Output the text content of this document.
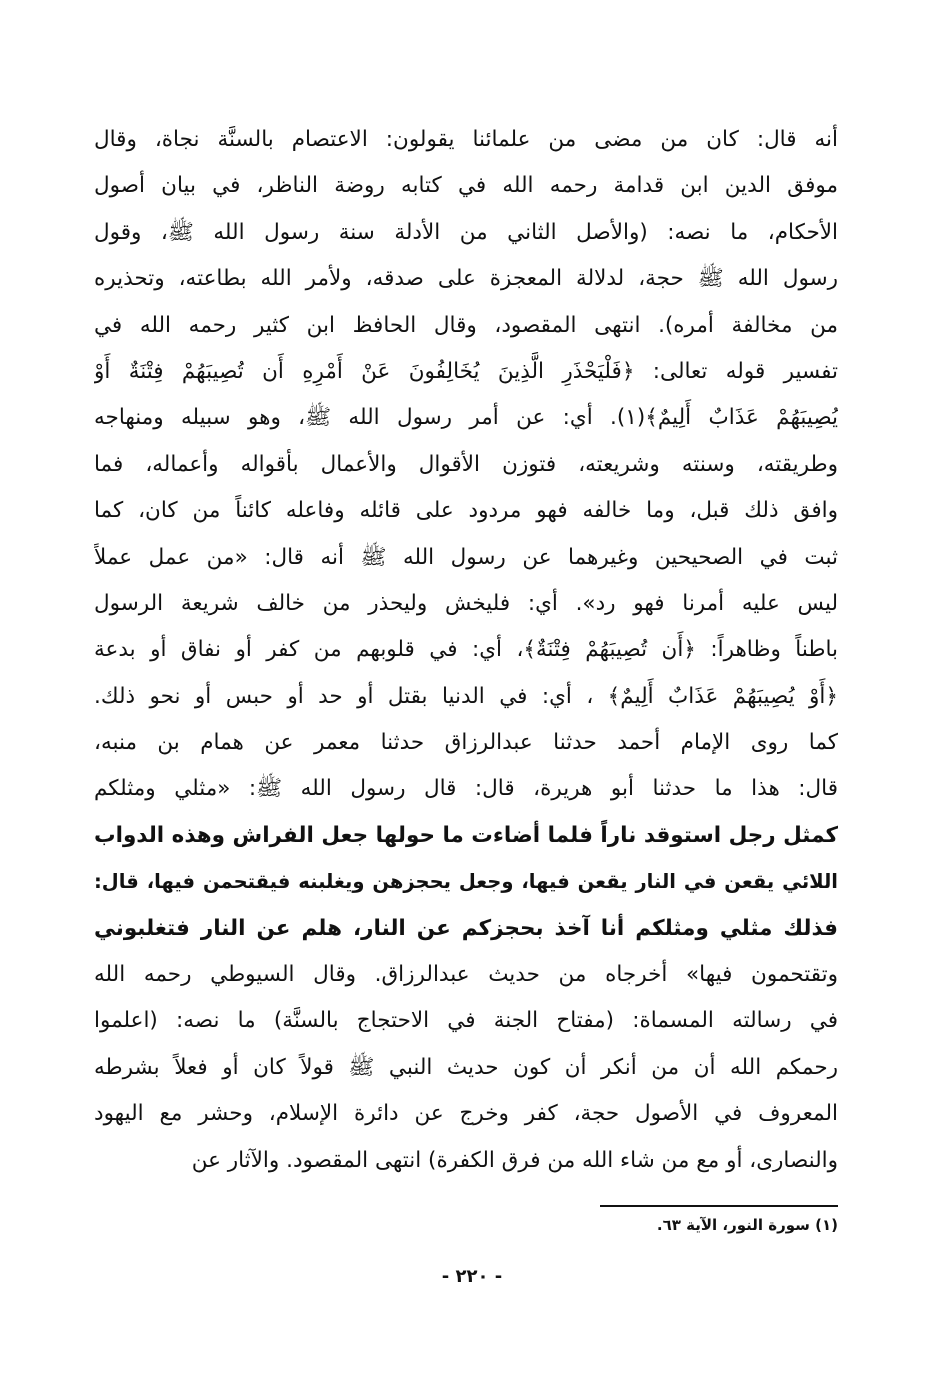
أنه قال: كان من مضى من علمائنا يقولون: الاعتصام بالسنَّة نجاة، وقال
موفق الدين ابن قدامة رحمه الله في كتابه روضة الناظر، في بيان أصول
الأحكام، ما نصه: (والأصل الثاني من الأدلة سنة رسول الله ﷺ، وقول
رسول الله ﷺ حجة، لدلالة المعجزة على صدقه، ولأمر الله بطاعته، وتحذيره
من مخالفة أمره). انتهى المقصود، وقال الحافظ ابن كثير رحمه الله في
تفسير قوله تعالى: ﴿فَلْيَحْذَرِ الَّذِينَ يُخَالِفُونَ عَنْ أَمْرِهِ أَن تُصِيبَهُمْ فِتْنَةٌ أَوْ
يُصِيبَهُمْ عَذَابٌ أَلِيمٌ﴾(١). أي: عن أمر رسول الله ﷺ، وهو سبيله ومنهاجه
وطريقته، وسنته وشريعته، فتوزن الأقوال والأعمال بأقواله وأعماله، فما
وافق ذلك قبل، وما خالفه فهو مردود على قائله وفاعله كائناً من كان، كما
ثبت في الصحيحين وغيرهما عن رسول الله ﷺ أنه قال: «من عمل عملاً
ليس عليه أمرنا فهو رد». أي: فليخش وليحذر من خالف شريعة الرسول
باطناً وظاهراً: ﴿أَن تُصِيبَهُمْ فِتْنَةٌ﴾، أي: في قلوبهم من كفر أو نفاق أو بدعة
﴿أَوْ يُصِيبَهُمْ عَذَابٌ أَلِيمٌ﴾ ، أي: في الدنيا بقتل أو حد أو حبس أو نحو ذلك.
كما روى الإمام أحمد حدثنا عبدالرزاق حدثنا معمر عن همام بن منبه،
قال: هذا ما حدثنا أبو هريرة، قال: قال رسول الله ﷺ: «مثلي ومثلكم
كمثل رجل استوقد ناراً فلما أضاءت ما حولها جعل الفراش وهذه الدواب
اللائي يقعن في النار يقعن فيها، وجعل يحجزهن ويغلبنه فيقتحمن فيها، قال:
فذلك مثلي ومثلكم أنا آخذ بحجزكم عن النار، هلم عن النار فتغلبوني
وتقتحمون فيها» أخرجاه من حديث عبدالرزاق. وقال السيوطي رحمه الله
في رسالته المسماة: (مفتاح الجنة في الاحتجاج بالسنَّة) ما نصه: (اعلموا
رحمكم الله أن من أنكر أن كون حديث النبي ﷺ قولاً كان أو فعلاً بشرطه
المعروف في الأصول حجة، كفر وخرج عن دائرة الإسلام، وحشر مع اليهود
والنصارى، أو مع من شاء الله من فرق الكفرة) انتهى المقصود. والآثار عن
(١) سورة النور، الآية ٦٣.
- ٢٢٠ -
